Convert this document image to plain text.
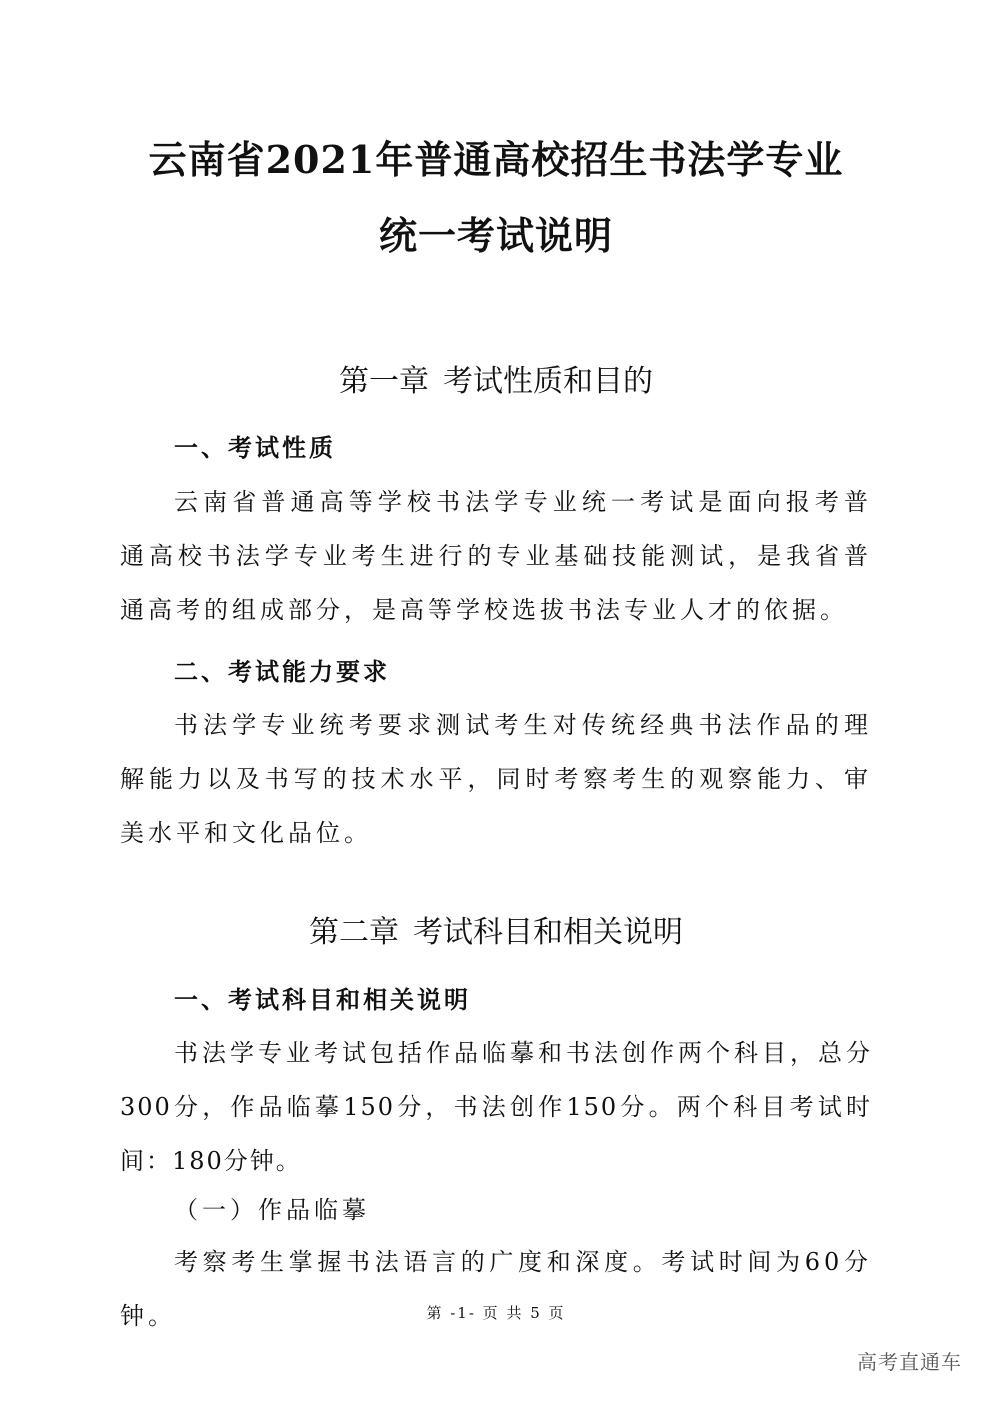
云南省2021年普通高校招生书法学专业
统一考试说明
第一章 考试性质和目的
一、考试性质

云南省普通高等学校书法学专业统一考试是面向报考普通高校书法学专业考生进行的专业基础技能测试，是我省普通高考的组成部分，是高等学校选拔书法专业人才的依据。

二、考试能力要求

书法学专业统考要求测试考生对传统经典书法作品的理解能力以及书写的技术水平，同时考察考生的观察能力、审美水平和文化品位。

第二章 考试科目和相关说明
一、考试科目和相关说明

书法学专业考试包括作品临摹和书法创作两个科目，总分300分，作品临摹150分，书法创作150分。两个科目考试时间：180分钟。

（一）作品临摹

考察考生掌握书法语言的广度和深度。考试时间为60分钟。	第 -1- 页 共 5 页
高考直通车
